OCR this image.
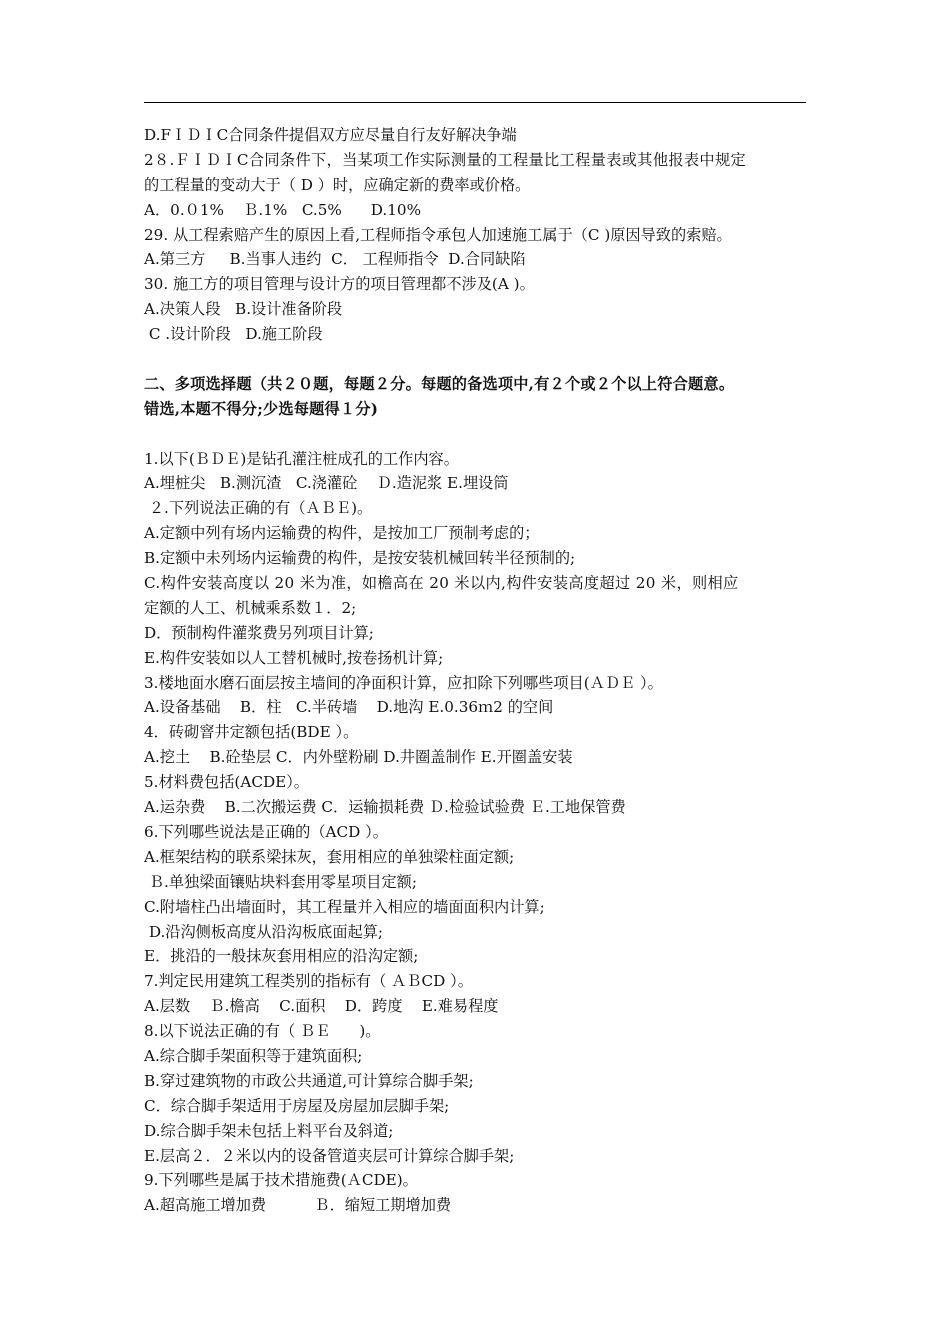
D.FＩＤＩC合同条件提倡双方应尽量自行友好解决争端
2８.ＦＩＤＩC合同条件下，当某项工作实际测量的工程量比工程量表或其他报表中规定
的工程量的变动大于（ D ）时，应确定新的费率或价格。
A．0.０1%    Ｂ.1%   C.5%      D.10%
29. 从工程索赔产生的原因上看,工程师指令承包人加速施工属于（C )原因导致的索赔。
A.第三方     B.当事人违约  C． 工程师指令  D.合同缺陷
30. 施工方的项目管理与设计方的项目管理都不涉及(A )。
A.决策人段   B.设计准备阶段
C .设计阶段   D.施工阶段
二、多项选择题（共２０题，每题２分。每题的备选项中,有２个或２个以上符合题意。
错选,本题不得分;少选每题得１分)
1.以下(ＢＤＥ)是钻孔灌注桩成孔的工作内容。
A.埋桩尖   B.测沉渣   C.浇灌砼    Ｄ.造泥浆 E.埋设筒
２.下列说法正确的有（ＡＢＥ)。
A.定额中列有场内运输费的构件，是按加工厂预制考虑的；
B.定额中未列场内运输费的构件，是按安装机械回转半径预制的;
C.构件安装高度以 20 米为准，如檐高在 20 米以内,构件安装高度超过 20 米，则相应
定额的人工、机械乘系数１．2;
D．预制构件灌浆费另列项目计算;
E.构件安装如以人工替机械时,按卷扬机计算;
3.楼地面水磨石面层按主墙间的净面积计算，应扣除下列哪些项目(ＡＤＥ ）。
A.设备基础    B．柱   C.半砖墙    D.地沟 E.0.36ｍ2 的空间
4．砖砌窨井定额包括(BDE ）。
A.挖土    B.砼垫层 C．内外壁粉刷 D.井圈盖制作 E.开圈盖安装
5.材料费包括(ACDE）。
A.运杂费    B.二次搬运费 C．运输损耗费 Ｄ.检验试验费 Ｅ.工地保管费
6.下列哪些说法是正确的（ACD ）。
A.框架结构的联系梁抹灰，套用相应的单独梁柱面定额;
Ｂ.单独梁面镶贴块料套用零星项目定额;
C.附墙柱凸出墙面时，其工程量并入相应的墙面面积内计算;
D.沿沟侧板高度从沿沟板底面起算;
E．挑沿的一般抹灰套用相应的沿沟定额;
7.判定民用建筑工程类别的指标有（ ＡＢCD ）。
A.层数    Ｂ.檐高    C.面积    D．跨度    E.难易程度
8.以下说法正确的有（ ＢＥ      )。
A.综合脚手架面积等于建筑面积;
B.穿过建筑物的市政公共通道,可计算综合脚手架;
C．综合脚手架适用于房屋及房屋加层脚手架;
D.综合脚手架未包括上料平台及斜道;
E.层高２．２米以内的设备管道夹层可计算综合脚手架;
9.下列哪些是属于技术措施费(ＡCDE)。
A.超高施工增加费          Ｂ．缩短工期增加费
